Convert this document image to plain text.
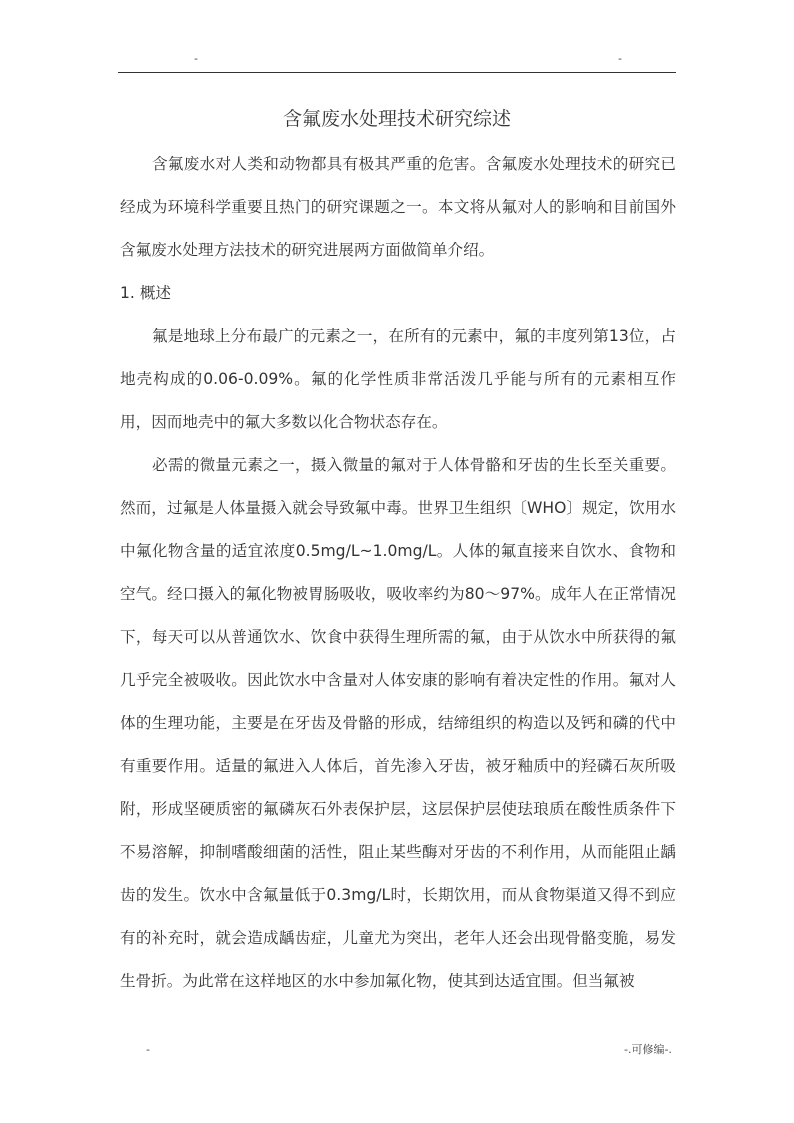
-	-
含氟废水处理技术研究综述

含氟废水对人类和动物都具有极其严重的危害。含氟废水处理技术的研究已经成为环境科学重要且热门的研究课题之一。本文将从氟对人的影响和目前国外含氟废水处理方法技术的研究进展两方面做简单介绍。

1. 概述

氟是地球上分布最广的元素之一，在所有的元素中，氟的丰度列第13位，占地壳构成的0.06-0.09%。氟的化学性质非常活泼几乎能与所有的元素相互作用，因而地壳中的氟大多数以化合物状态存在。

必需的微量元素之一，摄入微量的氟对于人体骨骼和牙齿的生长至关重要。然而，过氟是人体量摄入就会导致氟中毒。世界卫生组织〔WHO〕规定，饮用水中氟化物含量的适宜浓度0.5mg/L~1.0mg/L。人体的氟直接来自饮水、食物和空气。经口摄入的氟化物被胃肠吸收，吸收率约为80～97%。成年人在正常情况下，每天可以从普通饮水、饮食中获得生理所需的氟，由于从饮水中所获得的氟几乎完全被吸收。因此饮水中含量对人体安康的影响有着决定性的作用。氟对人体的生理功能，主要是在牙齿及骨骼的形成，结缔组织的构造以及钙和磷的代中有重要作用。适量的氟进入人体后，首先渗入牙齿，被牙釉质中的羟磷石灰所吸附，形成坚硬质密的氟磷灰石外表保护层，这层保护层使珐琅质在酸性质条件下不易溶解，抑制嗜酸细菌的活性，阻止某些酶对牙齿的不利作用，从而能阻止龋齿的发生。饮水中含氟量低于0.3mg/L时，长期饮用，而从食物渠道又得不到应有的补充时，就会造成龋齿症，儿童尤为突出，老年人还会出现骨骼变脆，易发生骨折。为此常在这样地区的水中参加氟化物，使其到达适宜围。但当氟被

-	-.可修编-.
